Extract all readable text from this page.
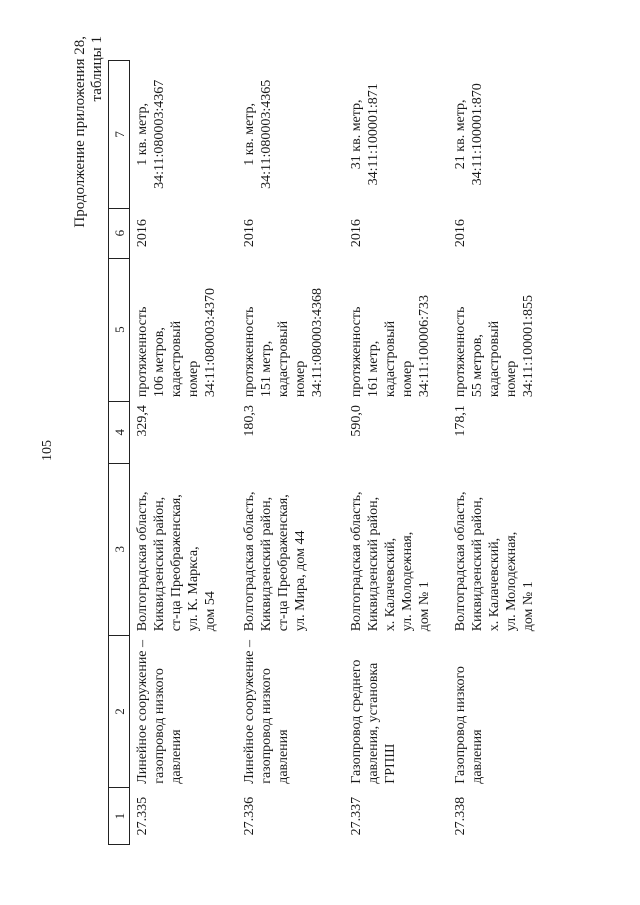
105
Продолжение приложения 28, таблицы 1
1	2	3	4	5	6	7
27.335	Линейное сооружение –
газопровод низкого
давления	Волгоградская область,
Киквидзенский район,
ст-ца Преображенская,
ул. К. Маркса,
дом 54	329,4	протяженность
106 метров,
кадастровый
номер
34:11:080003:4370	2016	1 кв. метр,
34:11:080003:4367
27.336	Линейное сооружение –
газопровод низкого
давления	Волгоградская область,
Киквидзенский район,
ст-ца Преображенская,
ул. Мира, дом 44	180,3	протяженность
151 метр,
кадастровый
номер
34:11:080003:4368	2016	1 кв. метр,
34:11:080003:4365
27.337	Газопровод среднего
давления, установка
ГРПШ	Волгоградская область,
Киквидзенский район,
х. Калачевский,
ул. Молодежная,
дом № 1	590,0	протяженность
161 метр,
кадастровый
номер
34:11:100006:733	2016	31 кв. метр,
34:11:100001:871
27.338	Газопровод низкого
давления	Волгоградская область,
Киквидзенский район,
х. Калачевский,
ул. Молодежная,
дом № 1	178,1	протяженность
55 метров,
кадастровый
номер
34:11:100001:855	2016	21 кв. метр,
34:11:100001:870
